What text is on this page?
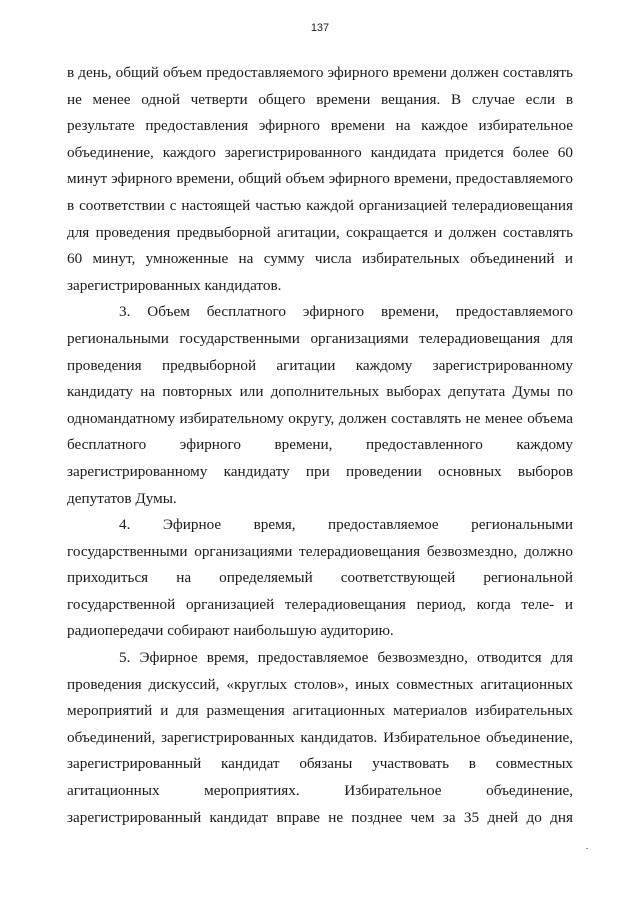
137

в день, общий объем предоставляемого эфирного времени должен составлять не менее одной четверти общего времени вещания. В случае если в результате предоставления эфирного времени на каждое избирательное объединение, каждого зарегистрированного кандидата придется более 60 минут эфирного времени, общий объем эфирного времени, предоставляемого в соответствии с настоящей частью каждой организацией телерадиовещания для проведения предвыборной агитации, сокращается и должен составлять 60 минут, умноженные на сумму числа избирательных объединений и зарегистрированных кандидатов.

3. Объем бесплатного эфирного времени, предоставляемого региональными государственными организациями телерадиовещания для проведения предвыборной агитации каждому зарегистрированному кандидату на повторных или дополнительных выборах депутата Думы по одномандатному избирательному округу, должен составлять не менее объема бесплатного эфирного времени, предоставленного каждому зарегистрированному кандидату при проведении основных выборов депутатов Думы.

4. Эфирное время, предоставляемое региональными государственными организациями телерадиовещания безвозмездно, должно приходиться на определяемый соответствующей региональной государственной организацией телерадиовещания период, когда теле- и радиопередачи собирают наибольшую аудиторию.

5. Эфирное время, предоставляемое безвозмездно, отводится для проведения дискуссий, «круглых столов», иных совместных агитационных мероприятий и для размещения агитационных материалов избирательных объединений, зарегистрированных кандидатов. Избирательное объединение, зарегистрированный кандидат обязаны участвовать в совместных агитационных мероприятиях. Избирательное объединение, зарегистрированный кандидат вправе не позднее чем за 35 дней до дня
